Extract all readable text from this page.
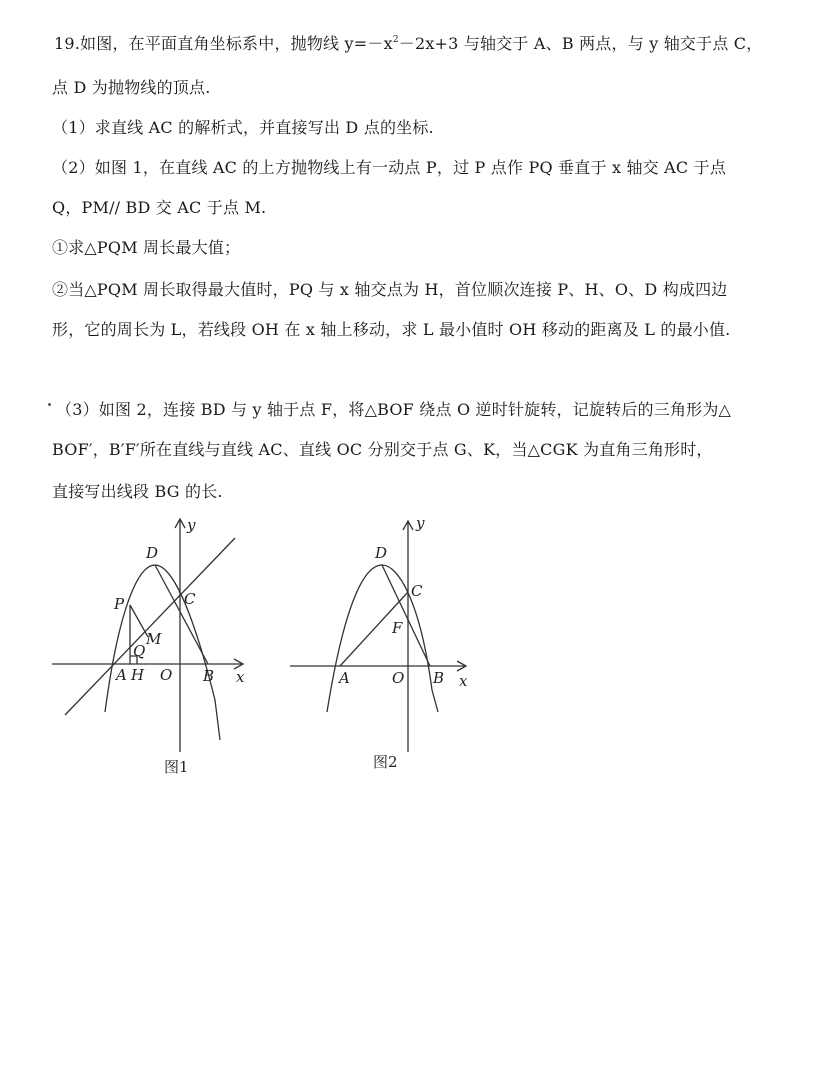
19.如图，在平面直角坐标系中，抛物线 $y=-x^2-2x+3$ 与轴交于 A、B 两点，与 y 轴交于点 C，
点 D 为抛物线的顶点.
（1）求直线 AC 的解析式，并直接写出 D 点的坐标.
（2）如图 1，在直线 AC 的上方抛物线上有一动点 P，过 P 点作 PQ 垂直于 x 轴交 AC 于点
Q，PM// BD 交 AC 于点 M.
①求△PQM 周长最大值；
②当△PQM 周长取得最大值时，PQ 与 x 轴交点为 H，首位顺次连接 P、H、O、D 构成四边
形，它的周长为 L，若线段 OH 在 x 轴上移动，求 L 最小值时 OH 移动的距离及 L 的最小值.
（3）如图 2，连接 BD 与 y 轴于点 F，将△BOF 绕点 O 逆时针旋转，记旋转后的三角形为△
BOF′，B′F′所在直线与直线 AC、直线 OC 分别交于点 G、K，当△CGK 为直角三角形时，
直接写出线段 BG 的长.
y
D
P	C
M
Q
A H O B x
图1
y
D
C
F
A	O B x
图2
